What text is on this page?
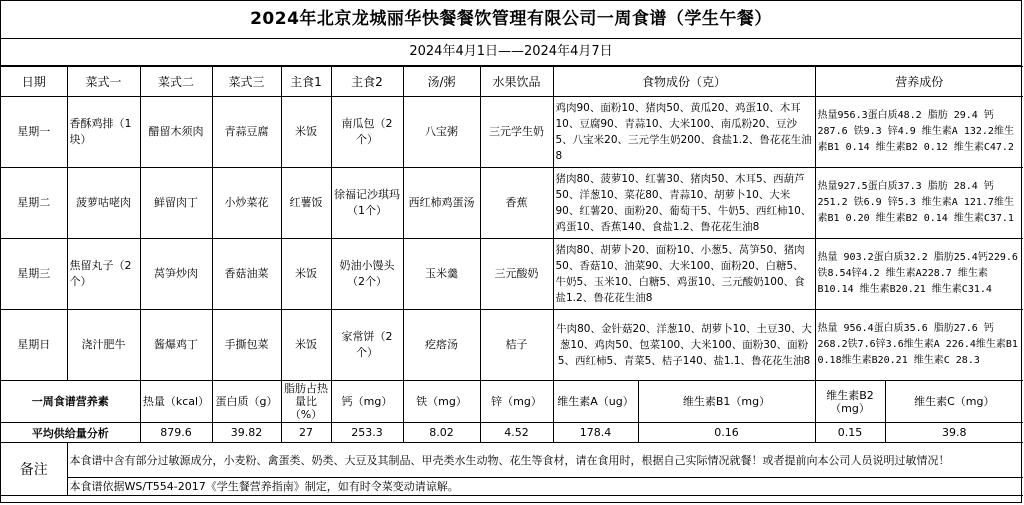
2024年北京龙城丽华快餐餐饮管理有限公司一周食谱（学生午餐）
2024年4月1日——2024年4月7日
日期	菜式一	菜式二	菜式三	主食1	主食2	汤/粥	水果饮品	食物成份（克）		营养成份	
星期一	香酥鸡排（1块）	醋留木须肉	青蒜豆腐	米饭	南瓜包（2个）	八宝粥	三元学生奶	鸡肉90、面粉10、猪肉50、黄瓜20、鸡蛋10、木耳10、豆腐90、青蒜10、大米100、南瓜粉20、豆沙5、八宝米20、三元学生奶200、食盐1.2、鲁花花生油8		热量956.3蛋白质48.2 脂肪 29.4 钙287.6 铁9.3 锌4.9 维生素A 132.2维生素B1 0.14 维生素B2 0.12 维生素C47.2	
星期二	菠萝咕咾肉	鲜留肉丁	小炒菜花	红薯饭	徐福记沙琪玛（1个）	西红柿鸡蛋汤	香蕉	猪肉80、菠萝10、红薯30、猪肉50、木耳5、西葫芦50、洋葱10、菜花80、青蒜10、胡萝卜10、大米90、红薯20、面粉20、葡萄干5、牛奶5、西红柿10、鸡蛋10、香蕉140、食盐1.2、鲁花花生油8		热量927.5蛋白质37.3 脂肪 28.4 钙251.2 铁6.9 锌5.3 维生素A 121.7维生素B1 0.20 维生素B2 0.14 维生素C37.1	
星期三	焦留丸子（2个）	莴笋炒肉	香菇油菜	米饭	奶油小馒头（2个）	玉米羹	三元酸奶	猪肉80、胡萝卜20、面粉10、小葱5、莴笋50、猪肉50、香菇10、油菜90、大米100、面粉20、白糖5、牛奶5、玉米10、白糖5、鸡蛋10、三元酸奶100、食盐1.2、鲁花花生油8		热量 903.2蛋白质32.2 脂肪25.4钙229.6铁8.54锌4.2 维生素A228.7 维生素B10.14 维生素B20.21 维生素C31.4	
星期日	浇汁肥牛	酱爆鸡丁	手撕包菜	米饭	家常饼（2个）	疙瘩汤	桔子	牛肉80、金针菇20、洋葱10、胡萝卜10、土豆30、大葱10、鸡肉50、包菜100、大米100、面粉30、面粉5、西红柿5、青菜5、桔子140、盐1.1、鲁花花生油8		热量 956.4蛋白质35.6 脂肪27.6 钙268.2铁7.6锌3.6维生素A 226.4维生素B1 0.18维生素B20.21 维生素C 28.3	
一周食谱营养素		热量（kcal）	蛋白质（g）	脂肪占热量比（%）	钙（mg）	铁（mg）	锌（mg）	维生素A（ug）	维生素B1（mg）	维生素B2（mg）	维生素C（mg）
平均供给量分析		879.6	39.82	27	253.3	8.02	4.52	178.4	0.16	0.15	39.8
备注	本食谱中含有部分过敏源成分，小麦粉、禽蛋类、奶类、大豆及其制品、甲壳类水生动物、花生等食材，请在食用时，根据自己实际情况就餐！或者提前向本公司人员说明过敏情况！										
	本食谱依据WS/T554-2017《学生餐营养指南》制定，如有时令菜变动请谅解。										
